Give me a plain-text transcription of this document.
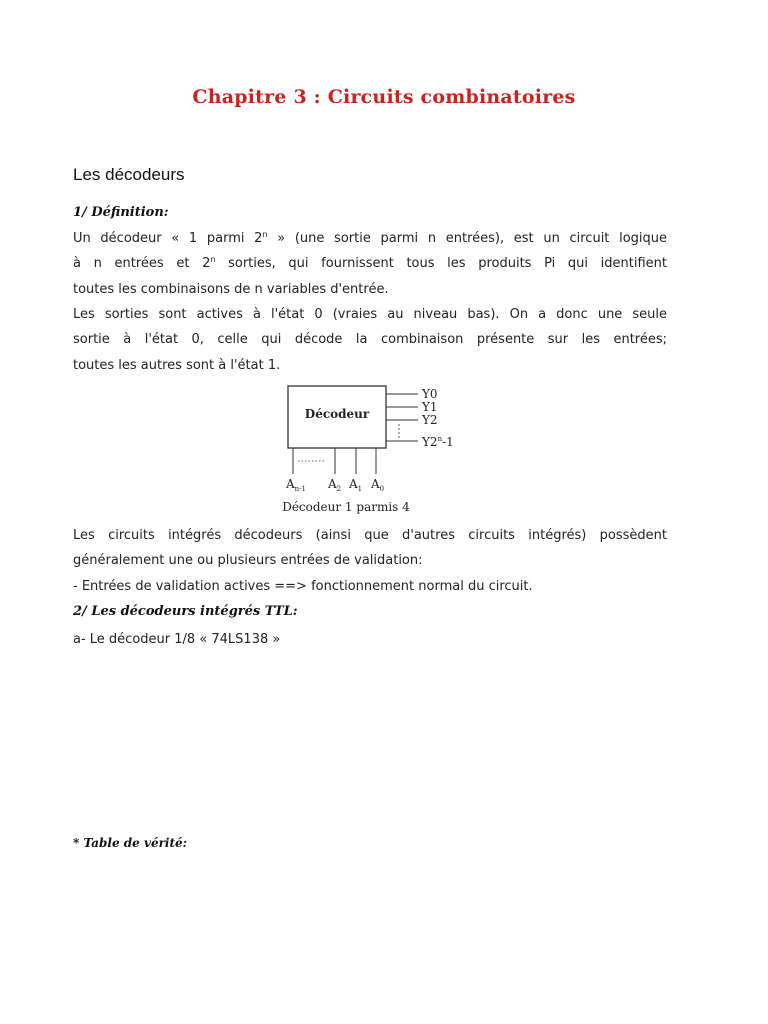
Chapitre 3 : Circuits combinatoires
Les décodeurs
1/ Définition:
Un décodeur « 1 parmi 2$^n$ » (une sortie parmi n entrées), est un circuit logique
à n entrées et 2$^n$ sorties, qui fournissent tous les produits Pi qui identifient
toutes les combinaisons de n variables d'entrée.
Les sorties sont actives à l'état 0 (vraies au niveau bas). On a donc une seule
sortie à l'état 0, celle qui décode la combinaison présente sur les entrées;
toutes les autres sont à l'état 1.
Décodeur
Y0
Y1
Y2
Y2$^n$-1
$A_{n-1}$ $A_2$ $A_1$ $A_0$
Décodeur 1 parmis 4
Les circuits intégrés décodeurs (ainsi que d'autres circuits intégrés) possèdent
généralement une ou plusieurs entrées de validation:
- Entrées de validation actives ==> fonctionnement normal du circuit.
2/ Les décodeurs intégrés TTL:
a- Le décodeur 1/8 « 74LS138 »
* Table de vérité:
